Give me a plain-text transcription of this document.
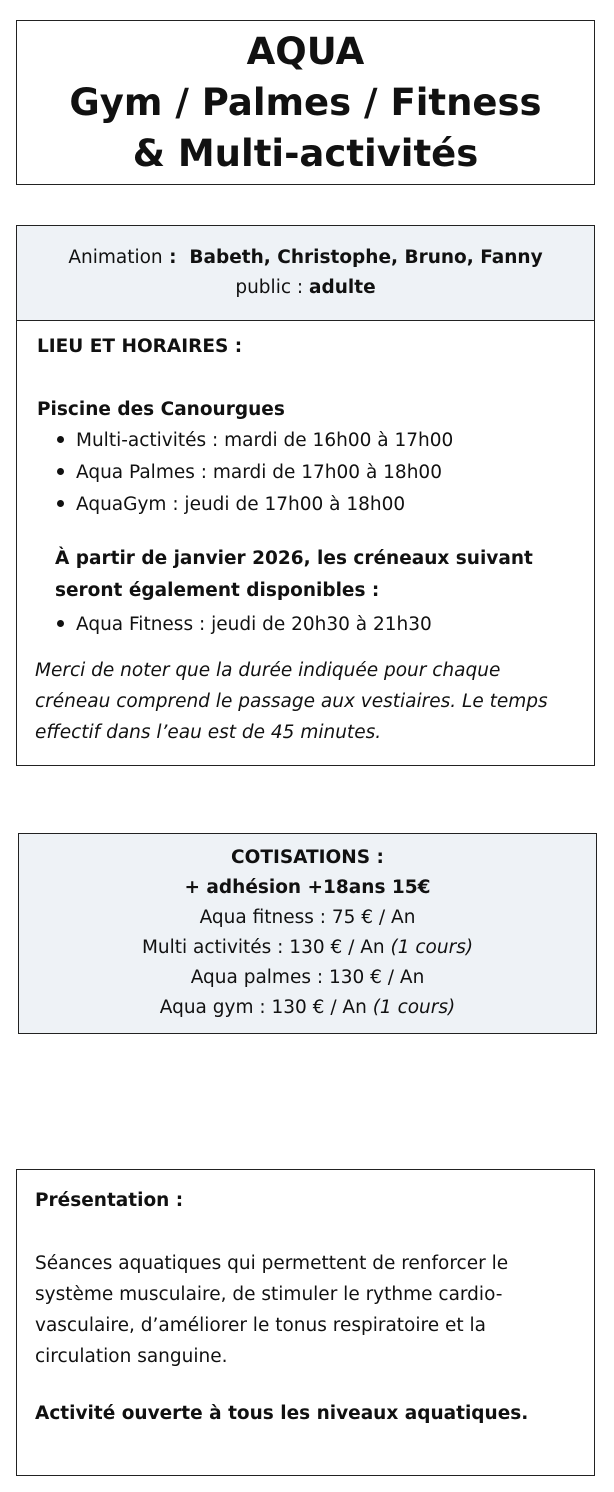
AQUA
Gym / Palmes / Fitness
& Multi-activités
Animation :  Babeth, Christophe, Bruno, Fanny
public : adulte
LIEU ET HORAIRES :
Piscine des Canourgues
Multi-activités : mardi de 16h00 à 17h00
Aqua Palmes : mardi de 17h00 à 18h00
AquaGym : jeudi de 17h00 à 18h00
À partir de janvier 2026, les créneaux suivant
seront également disponibles :
Aqua Fitness : jeudi de 20h30 à 21h30
Merci de noter que la durée indiquée pour chaque
créneau comprend le passage aux vestiaires. Le temps
effectif dans l’eau est de 45 minutes.
COTISATIONS :
+ adhésion +18ans 15€
Aqua fitness : 75 € / An
Multi activités : 130 € / An (1 cours)
Aqua palmes : 130 € / An
Aqua gym : 130 € / An (1 cours)
Présentation :
Séances aquatiques qui permettent de renforcer le
système musculaire, de stimuler le rythme cardio-
vasculaire, d’améliorer le tonus respiratoire et la
circulation sanguine.
Activité ouverte à tous les niveaux aquatiques.
